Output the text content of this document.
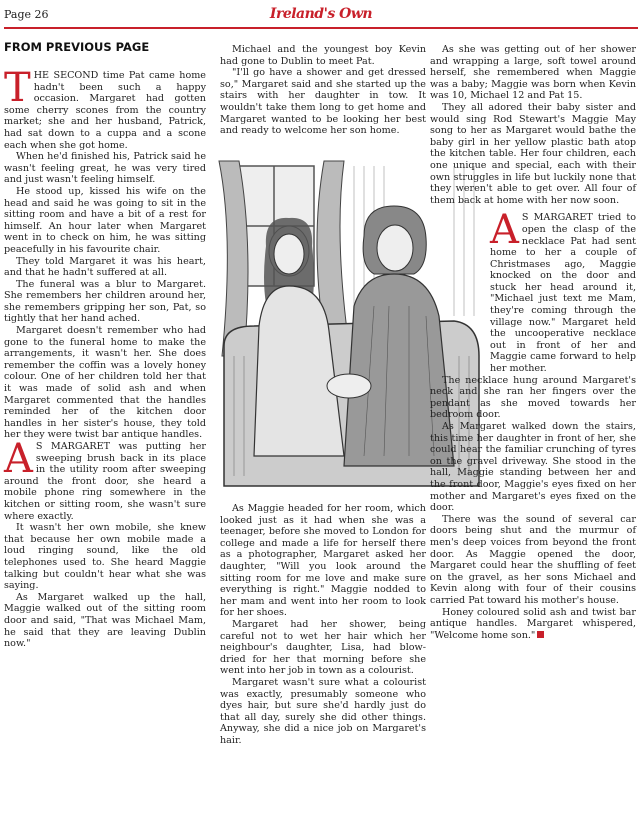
Page 26	Ireland's Own
FROM PREVIOUS PAGE

THE SECOND time Pat came home hadn't been such a happy occasion. Margaret had gotten some cherry scones from the country market; she and her husband, Patrick, had sat down to a cuppa and a scone each when she got home.

When he'd finished his, Patrick said he wasn't feeling great, he was very tired and just wasn't feeling himself.

He stood up, kissed his wife on the head and said he was going to sit in the sitting room and have a bit of a rest for himself. An hour later when Margaret went in to check on him, he was sitting peacefully in his favourite chair.

They told Margaret it was his heart, and that he hadn't suffered at all.

The funeral was a blur to Margaret. She remembers her children around her, she remembers gripping her son, Pat, so tightly that her hand ached.

Margaret doesn't remember who had gone to the funeral home to make the arrangements, it wasn't her. She does remember the coffin was a lovely honey colour. One of her children told her that it was made of solid ash and when Margaret commented that the handles reminded her of the kitchen door handles in her sister's house, they told her they were twist bar antique handles.

A S MARGARET was putting her sweeping brush back in its place in the utility room after sweeping around the front door, she heard a mobile phone ring somewhere in the kitchen or sitting room, she wasn't sure where exactly.

It wasn't her own mobile, she knew that because her own mobile made a loud ringing sound, like the old telephones used to. She heard Maggie talking but couldn't hear what she was saying.

As Margaret walked up the hall, Maggie walked out of the sitting room door and said, "That was Michael Mam, he said that they are leaving Dublin now."

Michael and the youngest boy Kevin had gone to Dublin to meet Pat.

"I'll go have a shower and get dressed so," Margaret said and she started up the stairs with her daughter in tow. It wouldn't take them long to get home and Margaret wanted to be looking her best and ready to welcome her son home.

As Maggie headed for her room, which looked just as it had when she was a teenager, before she moved to London for college and made a life for herself there as a photographer, Margaret asked her daughter, "Will you look around the sitting room for me love and make sure everything is right." Maggie nodded to her mam and went into her room to look for her shoes.

Margaret had her shower, being careful not to wet her hair which her neighbour's daughter, Lisa, had blow-dried for her that morning before she went into her job in town as a colourist.

Margaret wasn't sure what a colourist was exactly, presumably someone who dyes hair, but sure she'd hardly just do that all day, surely she did other things. Anyway, she did a nice job on Margaret's hair.

As she was getting out of her shower and wrapping a large, soft towel around herself, she remembered when Maggie was a baby; Maggie was born when Kevin was 10, Michael 12 and Pat 15.

They all adored their baby sister and would sing Rod Stewart's Maggie May song to her as Margaret would bathe the baby girl in her yellow plastic bath atop the kitchen table. Her four children, each one unique and special, each with their own struggles in life but luckily none that they weren't able to get over. All four of them back at home with her now soon.

A S MARGARET tried to open the clasp of the necklace Pat had sent home to her a couple of Christmases ago, Maggie knocked on the door and stuck her head around it, "Michael just text me Mam, they're coming through the village now." Margaret held the uncooperative necklace out in front of her and Maggie came forward to help her mother.

The necklace hung around Margaret's neck and she ran her fingers over the pendant as she moved towards her bedroom door.

As Margaret walked down the stairs, this time her daughter in front of her, she could hear the familiar crunching of tyres on the gravel driveway. She stood in the hall, Maggie standing between her and the front door, Maggie's eyes fixed on her mother and Margaret's eyes fixed on the door.

There was the sound of several car doors being shut and the murmur of men's deep voices from beyond the front door. As Maggie opened the door, Margaret could hear the shuffling of feet on the gravel, as her sons Michael and Kevin along with four of their cousins carried Pat toward his mother's house.

Honey coloured solid ash and twist bar antique handles. Margaret whispered, "Welcome home son."
